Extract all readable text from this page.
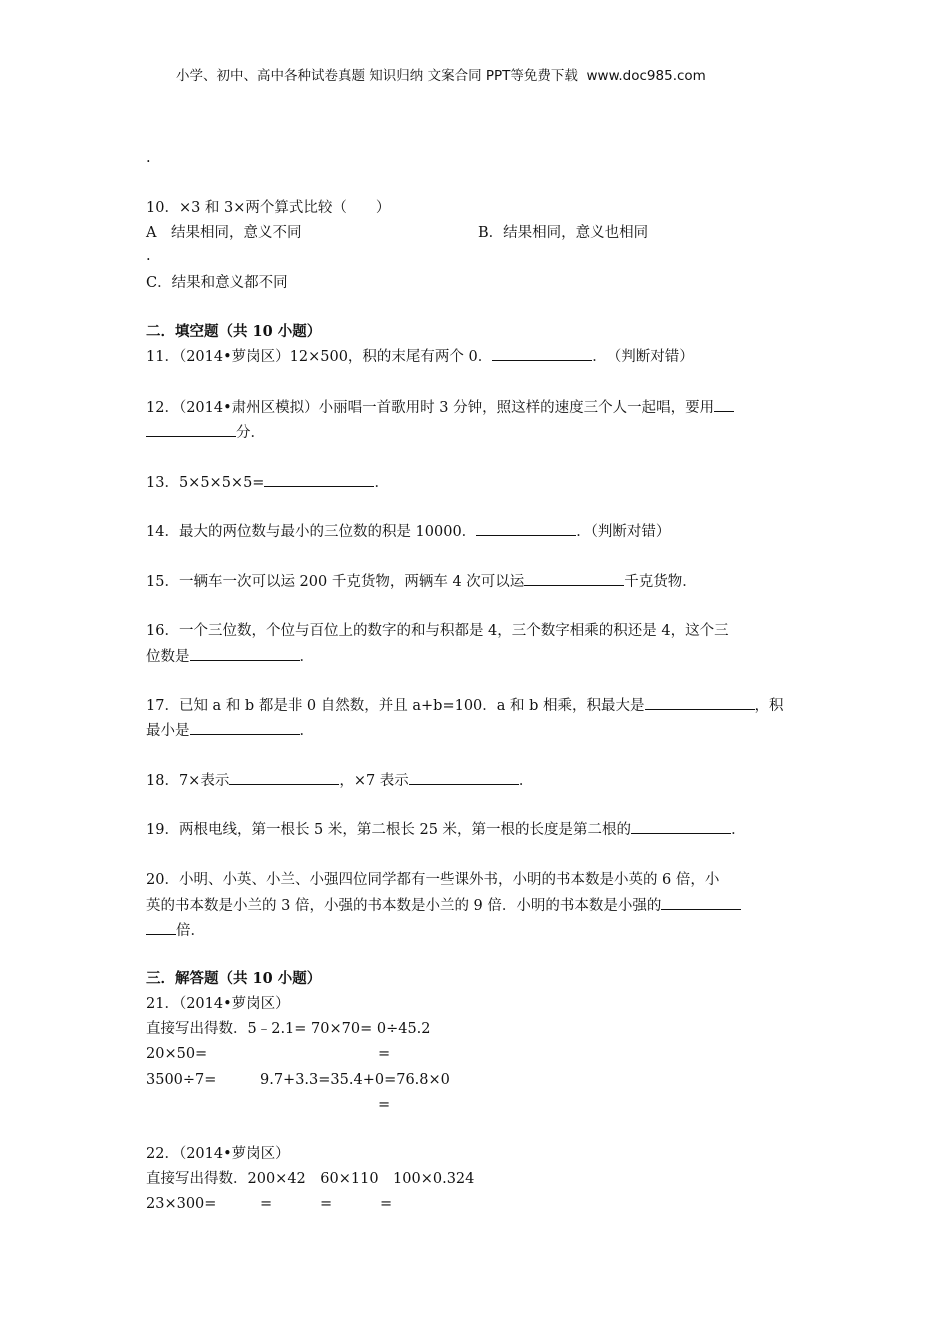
小学、初中、高中各种试卷真题 知识归纳 文案合同 PPT等免费下载 www.doc985.com
.
10．×3 和 3×两个算式比较（　　）
A　结果相同，意义不同	B．结果相同，意义也相同
.
C．结果和意义都不同
二．填空题（共 10 小题）
11．（2014•萝岗区）12×500，积的末尾有两个 0．	．　（判断对错）
12．（2014•肃州区模拟）小丽唱一首歌用时 3 分钟，照这样的速度三个人一起唱，要用
分．
13．5×5×5×5=	．
14．最大的两位数与最小的三位数的积是 10000．	．（判断对错）
15．一辆车一次可以运 200 千克货物，两辆车 4 次可以运	千克货物．
16．一个三位数，个位与百位上的数字的和与积都是 4，三个数字相乘的积还是 4，这个三
位数是	．
17．已知 a 和 b 都是非 0 自然数，并且 a+b=100．a 和 b 相乘，积最大是	，积
最小是	．
18．7×表示	，×7 表示	．
19．两根电线，第一根长 5 米，第二根长 25 米，第一根的长度是第二根的	．
20．小明、小英、小兰、小强四位同学都有一些课外书，小明的书本数是小英的 6 倍，小
英的书本数是小兰的 3 倍，小强的书本数是小兰的 9 倍．小明的书本数是小强的
倍．
三．解答题（共 10 小题）
21．（2014•萝岗区）
直接写出得数．5﹣2.1= 70×70= 0÷45.2
20×50=	=
3500÷7=	9.7+3.3=35.4+0=76.8×0
=
22．（2014•萝岗区）
直接写出得数．200×42　60×110　100×0.324
23×300=	=	=	=
